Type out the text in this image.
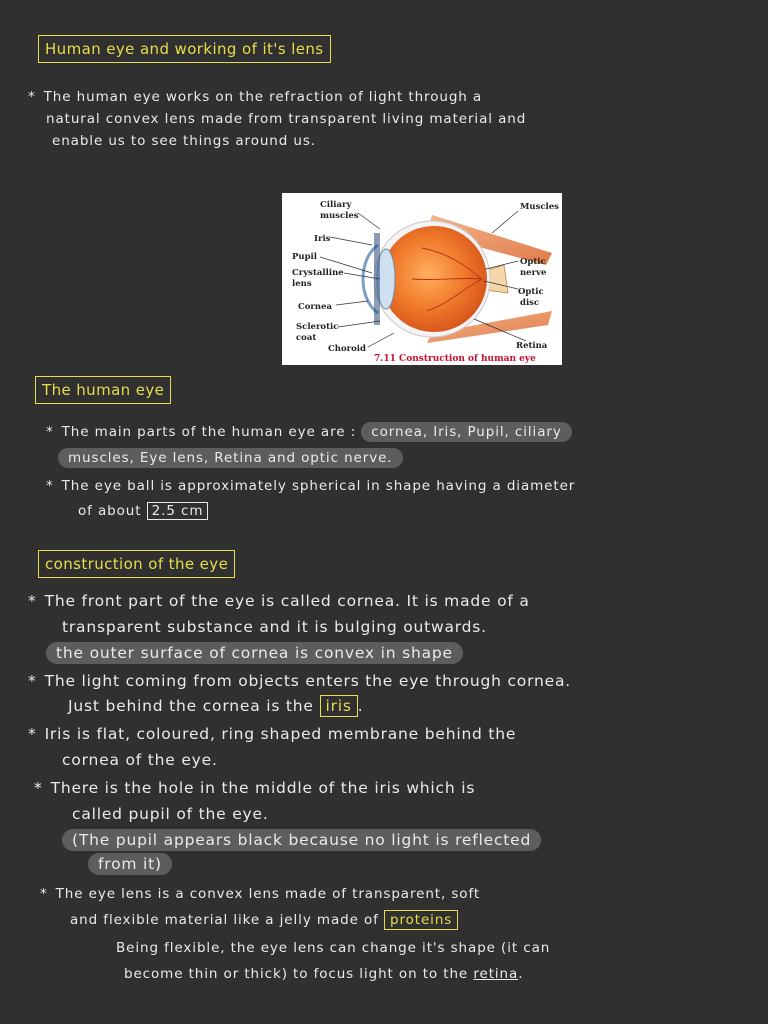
Human eye and working of it's lens
* The human eye works on the refraction of light through a
natural convex lens made from transparent living material and
enable us to see things around us.
Ciliary
muscles
Iris
Pupil
Crystalline
lens
Cornea
Sclerotic
coat
Choroid
Muscles
Optic
nerve
Optic
disc
Retina
7.11 Construction of human eye
The human eye
* The main parts of the human eye are : cornea, Iris, Pupil, ciliary
muscles, Eye lens, Retina and optic nerve.
* The eye ball is approximately spherical in shape having a diameter
of about 2.5 cm
construction of the eye
* The front part of the eye is called cornea. It is made of a
transparent substance and it is bulging outwards.
the outer surface of cornea is convex in shape
* The light coming from objects enters the eye through cornea.
Just behind the cornea is the iris .
* Iris is flat, coloured, ring shaped membrane behind the
cornea of the eye.
* There is the hole in the middle of the iris which is
called pupil of the eye.
(The pupil appears black because no light is reflected
from it)
* The eye lens is a convex lens made of transparent, soft
and flexible material like a jelly made of proteins
Being flexible, the eye lens can change it's shape (it can
become thin or thick) to focus light on to the retina.
